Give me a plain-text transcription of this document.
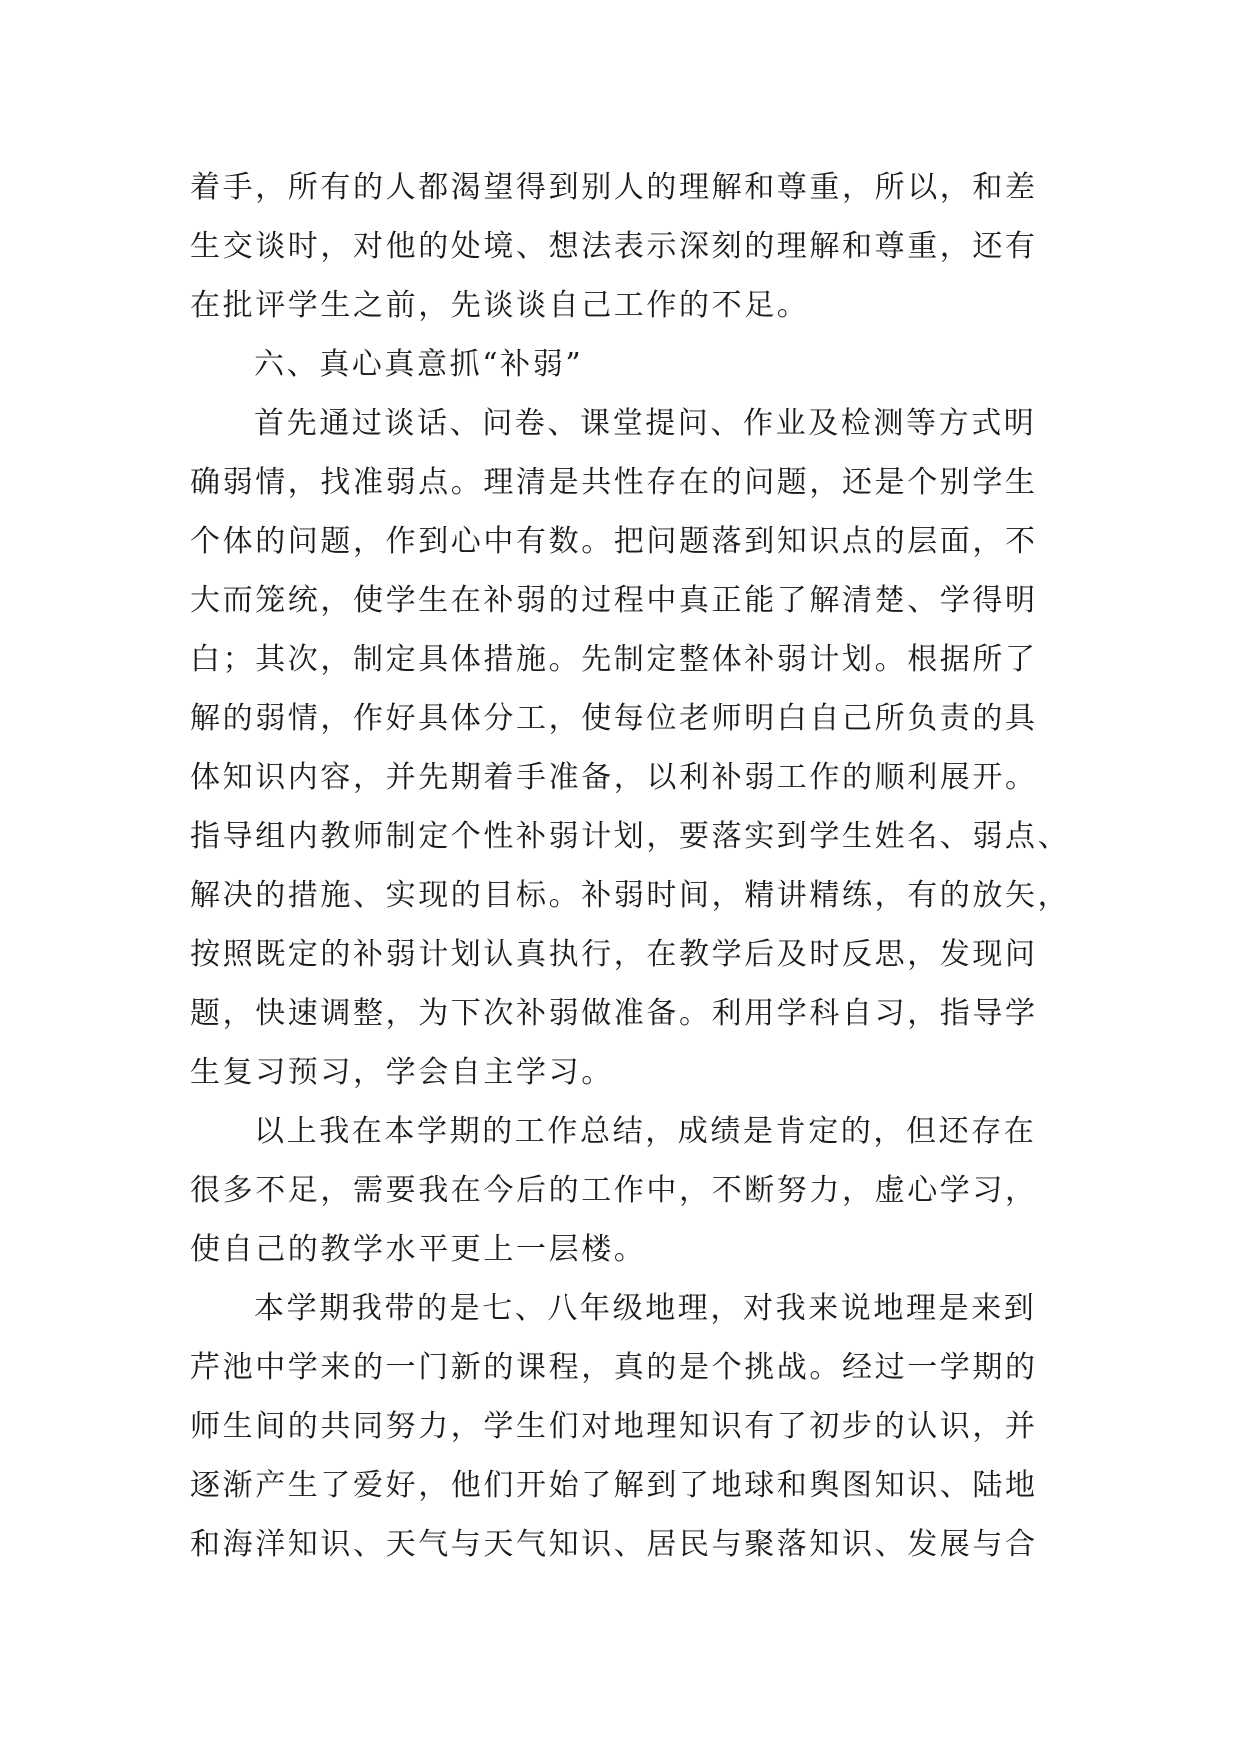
着手，所有的人都渴望得到别人的理解和尊重，所以，和差
生交谈时，对他的处境、想法表示深刻的理解和尊重，还有
在批评学生之前，先谈谈自己工作的不足。
六、真心真意抓“补弱”
首先通过谈话、问卷、课堂提问、作业及检测等方式明
确弱情，找准弱点。理清是共性存在的问题，还是个别学生
个体的问题，作到心中有数。把问题落到知识点的层面，不
大而笼统，使学生在补弱的过程中真正能了解清楚、学得明
白；其次，制定具体措施。先制定整体补弱计划。根据所了
解的弱情，作好具体分工，使每位老师明白自己所负责的具
体知识内容，并先期着手准备，以利补弱工作的顺利展开。
指导组内教师制定个性补弱计划，要落实到学生姓名、弱点、
解决的措施、实现的目标。补弱时间，精讲精练，有的放矢，
按照既定的补弱计划认真执行，在教学后及时反思，发现问
题，快速调整，为下次补弱做准备。利用学科自习，指导学
生复习预习，学会自主学习。
以上我在本学期的工作总结，成绩是肯定的，但还存在
很多不足，需要我在今后的工作中，不断努力，虚心学习，
使自己的教学水平更上一层楼。
本学期我带的是七、八年级地理，对我来说地理是来到
芹池中学来的一门新的课程，真的是个挑战。经过一学期的
师生间的共同努力，学生们对地理知识有了初步的认识，并
逐渐产生了爱好，他们开始了解到了地球和舆图知识、陆地
和海洋知识、天气与天气知识、居民与聚落知识、发展与合
